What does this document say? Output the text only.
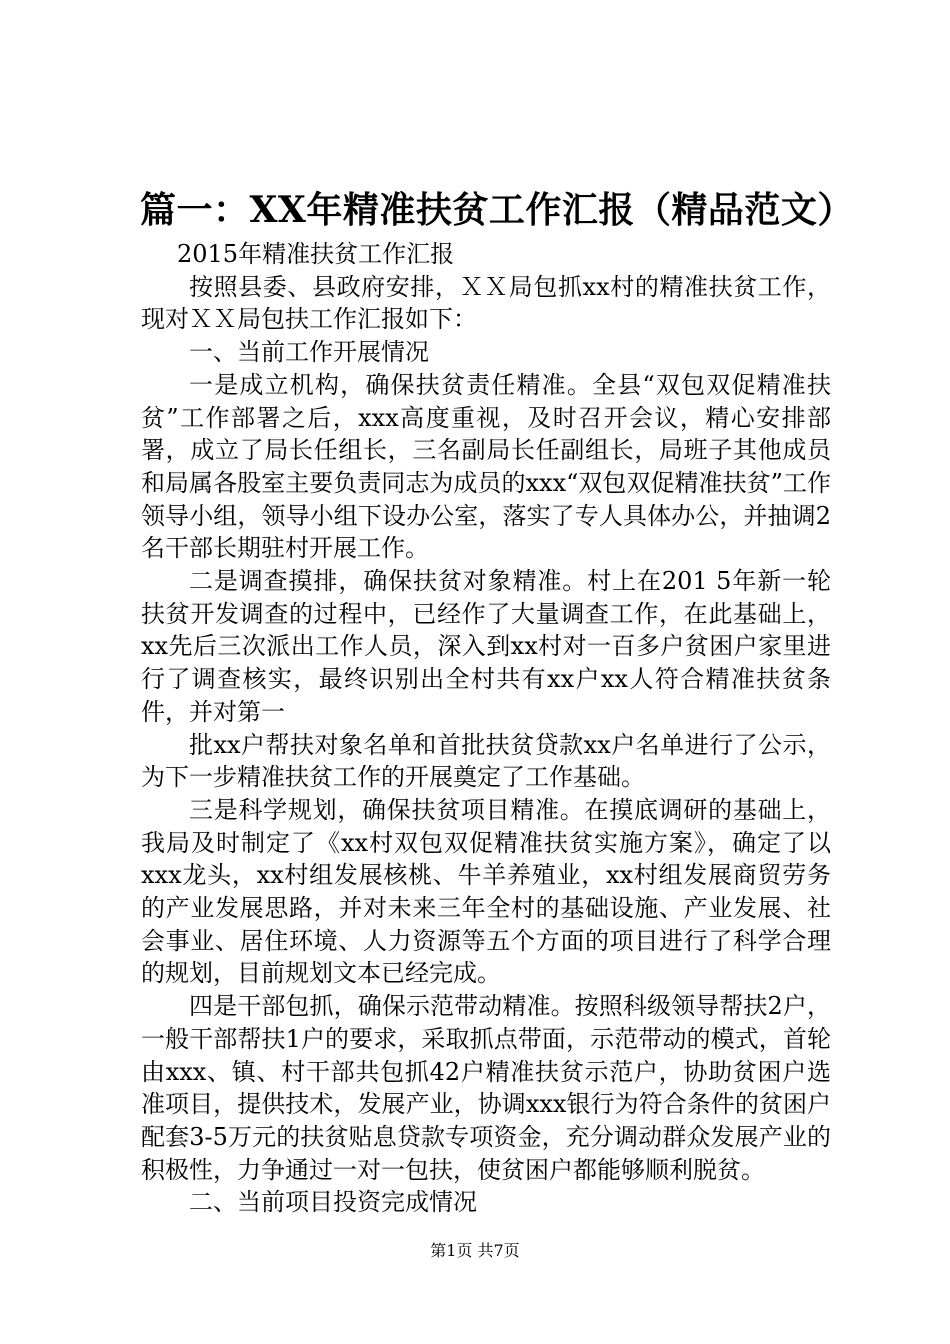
篇一：XX年精准扶贫工作汇报（精品范文）

2015年精准扶贫工作汇报

按照县委、县政府安排，ＸＸ局包抓xx村的精准扶贫工作，现对ＸＸ局包扶工作汇报如下：

一、当前工作开展情况

一是成立机构，确保扶贫责任精准。全县“双包双促精准扶贫”工作部署之后，xxx高度重视，及时召开会议，精心安排部署，成立了局长任组长，三名副局长任副组长，局班子其他成员和局属各股室主要负责同志为成员的xxx“双包双促精准扶贫”工作领导小组，领导小组下设办公室，落实了专人具体办公，并抽调2名干部长期驻村开展工作。

二是调查摸排，确保扶贫对象精准。村上在201 5年新一轮扶贫开发调查的过程中，已经作了大量调查工作，在此基础上，xx先后三次派出工作人员，深入到xx村对一百多户贫困户家里进行了调查核实，最终识别出全村共有xx户xx人符合精准扶贫条件，并对第一

批xx户帮扶对象名单和首批扶贫贷款xx户名单进行了公示，为下一步精准扶贫工作的开展奠定了工作基础。

三是科学规划，确保扶贫项目精准。在摸底调研的基础上，我局及时制定了《xx村双包双促精准扶贫实施方案》，确定了以xxx龙头，xx村组发展核桃、牛羊养殖业，xx村组发展商贸劳务的产业发展思路，并对未来三年全村的基础设施、产业发展、社会事业、居住环境、人力资源等五个方面的项目进行了科学合理的规划，目前规划文本已经完成。

四是干部包抓，确保示范带动精准。按照科级领导帮扶2户，一般干部帮扶1户的要求，采取抓点带面，示范带动的模式，首轮由xxx、镇、村干部共包抓42户精准扶贫示范户，协助贫困户选准项目，提供技术，发展产业，协调xxx银行为符合条件的贫困户配套3-5万元的扶贫贴息贷款专项资金，充分调动群众发展产业的积极性，力争通过一对一包扶，使贫困户都能够顺利脱贫。

二、当前项目投资完成情况

第1页 共7页
